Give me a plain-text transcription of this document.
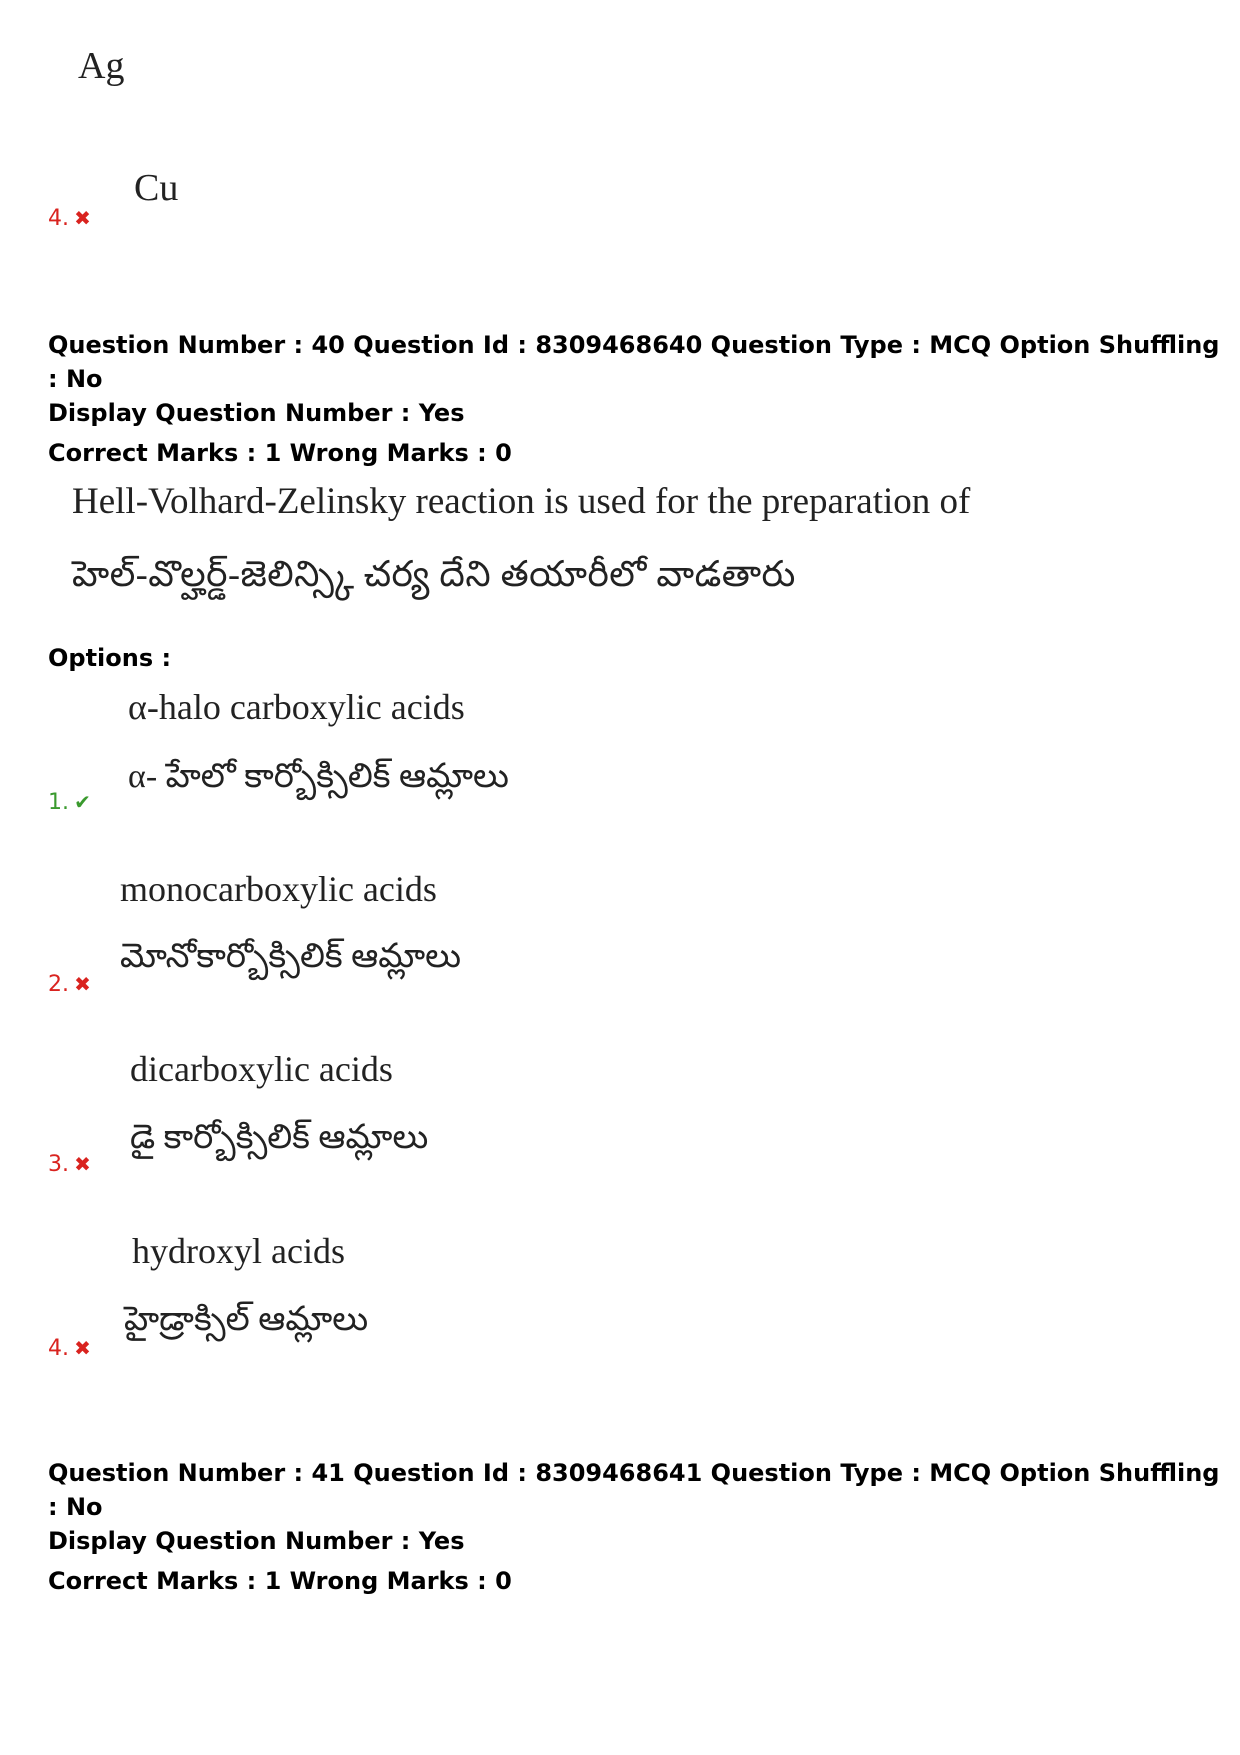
Ag
4. ✖
Cu
Question Number : 40 Question Id : 8309468640 Question Type : MCQ Option Shuffling : No
Display Question Number : Yes
Correct Marks : 1 Wrong Marks : 0
Hell-Volhard-Zelinsky reaction is used for the preparation of
హెల్-వొల్హర్డ్-జెలిన్స్కి చర్య దేని తయారీలో వాడతారు
Options :
α-halo carboxylic acids
α- హేలో కార్బోక్సిలిక్ ఆమ్లాలు
1. ✔
monocarboxylic acids
మోనోకార్బోక్సిలిక్ ఆమ్లాలు
2. ✖
dicarboxylic acids
డై కార్బోక్సిలిక్ ఆమ్లాలు
3. ✖
hydroxyl acids
హైడ్రాక్సిల్ ఆమ్లాలు
4. ✖
Question Number : 41 Question Id : 8309468641 Question Type : MCQ Option Shuffling : No
Display Question Number : Yes
Correct Marks : 1 Wrong Marks : 0
